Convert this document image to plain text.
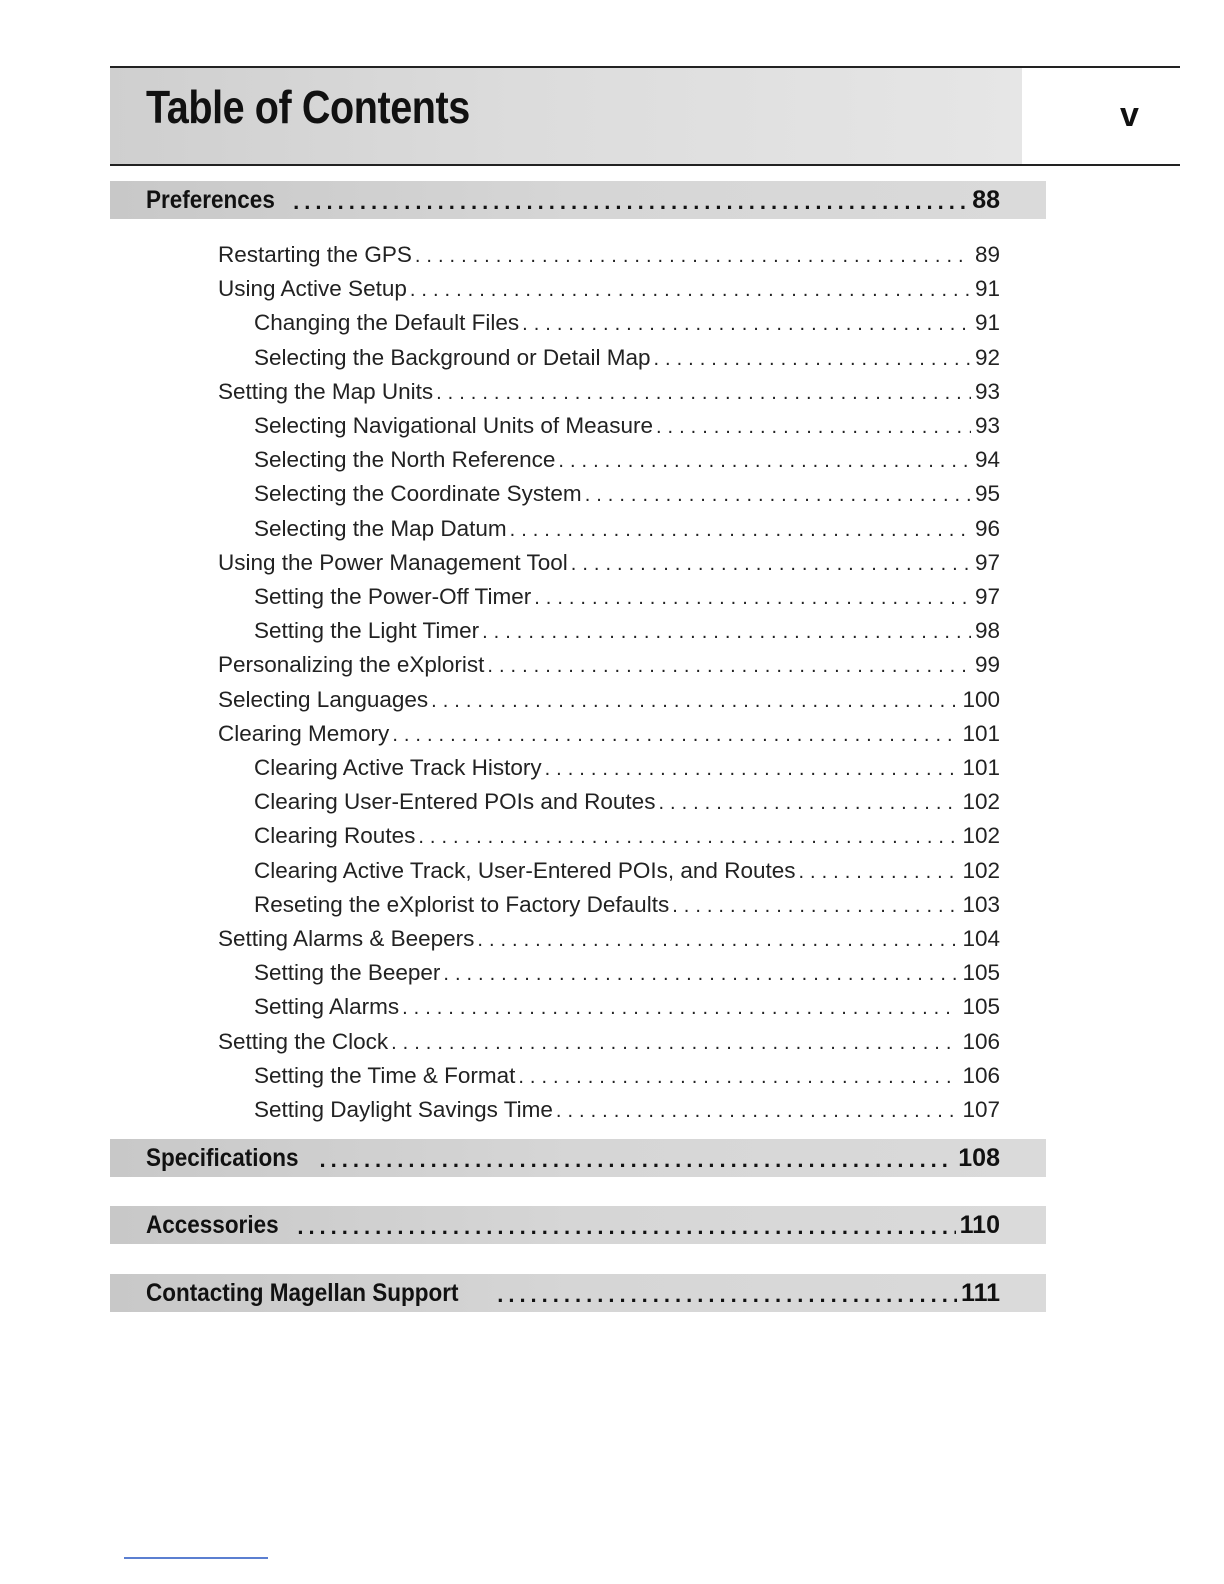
Table of Contents	v
Preferences .....	88
Restarting the GPS .....	89
Using Active Setup .....	91
Changing the Default Files .....	91
Selecting the Background or Detail Map .....	92
Setting the Map Units .....	93
Selecting Navigational Units of Measure .....	93
Selecting the North Reference .....	94
Selecting the Coordinate System .....	95
Selecting the Map Datum .....	96
Using the Power Management Tool .....	97
Setting the Power-Off Timer .....	97
Setting the Light Timer .....	98
Personalizing the eXplorist .....	99
Selecting Languages .....	100
Clearing Memory .....	101
Clearing Active Track History .....	101
Clearing User-Entered POIs and Routes .....	102
Clearing Routes .....	102
Clearing Active Track, User-Entered POIs, and Routes .....	102
Reseting the eXplorist to Factory Defaults .....	103
Setting Alarms & Beepers .....	104
Setting the Beeper .....	105
Setting Alarms .....	105
Setting the Clock .....	106
Setting the Time & Format .....	106
Setting Daylight Savings Time .....	107
Specifications .....	108
Accessories .....	110
Contacting Magellan Support .....	111
